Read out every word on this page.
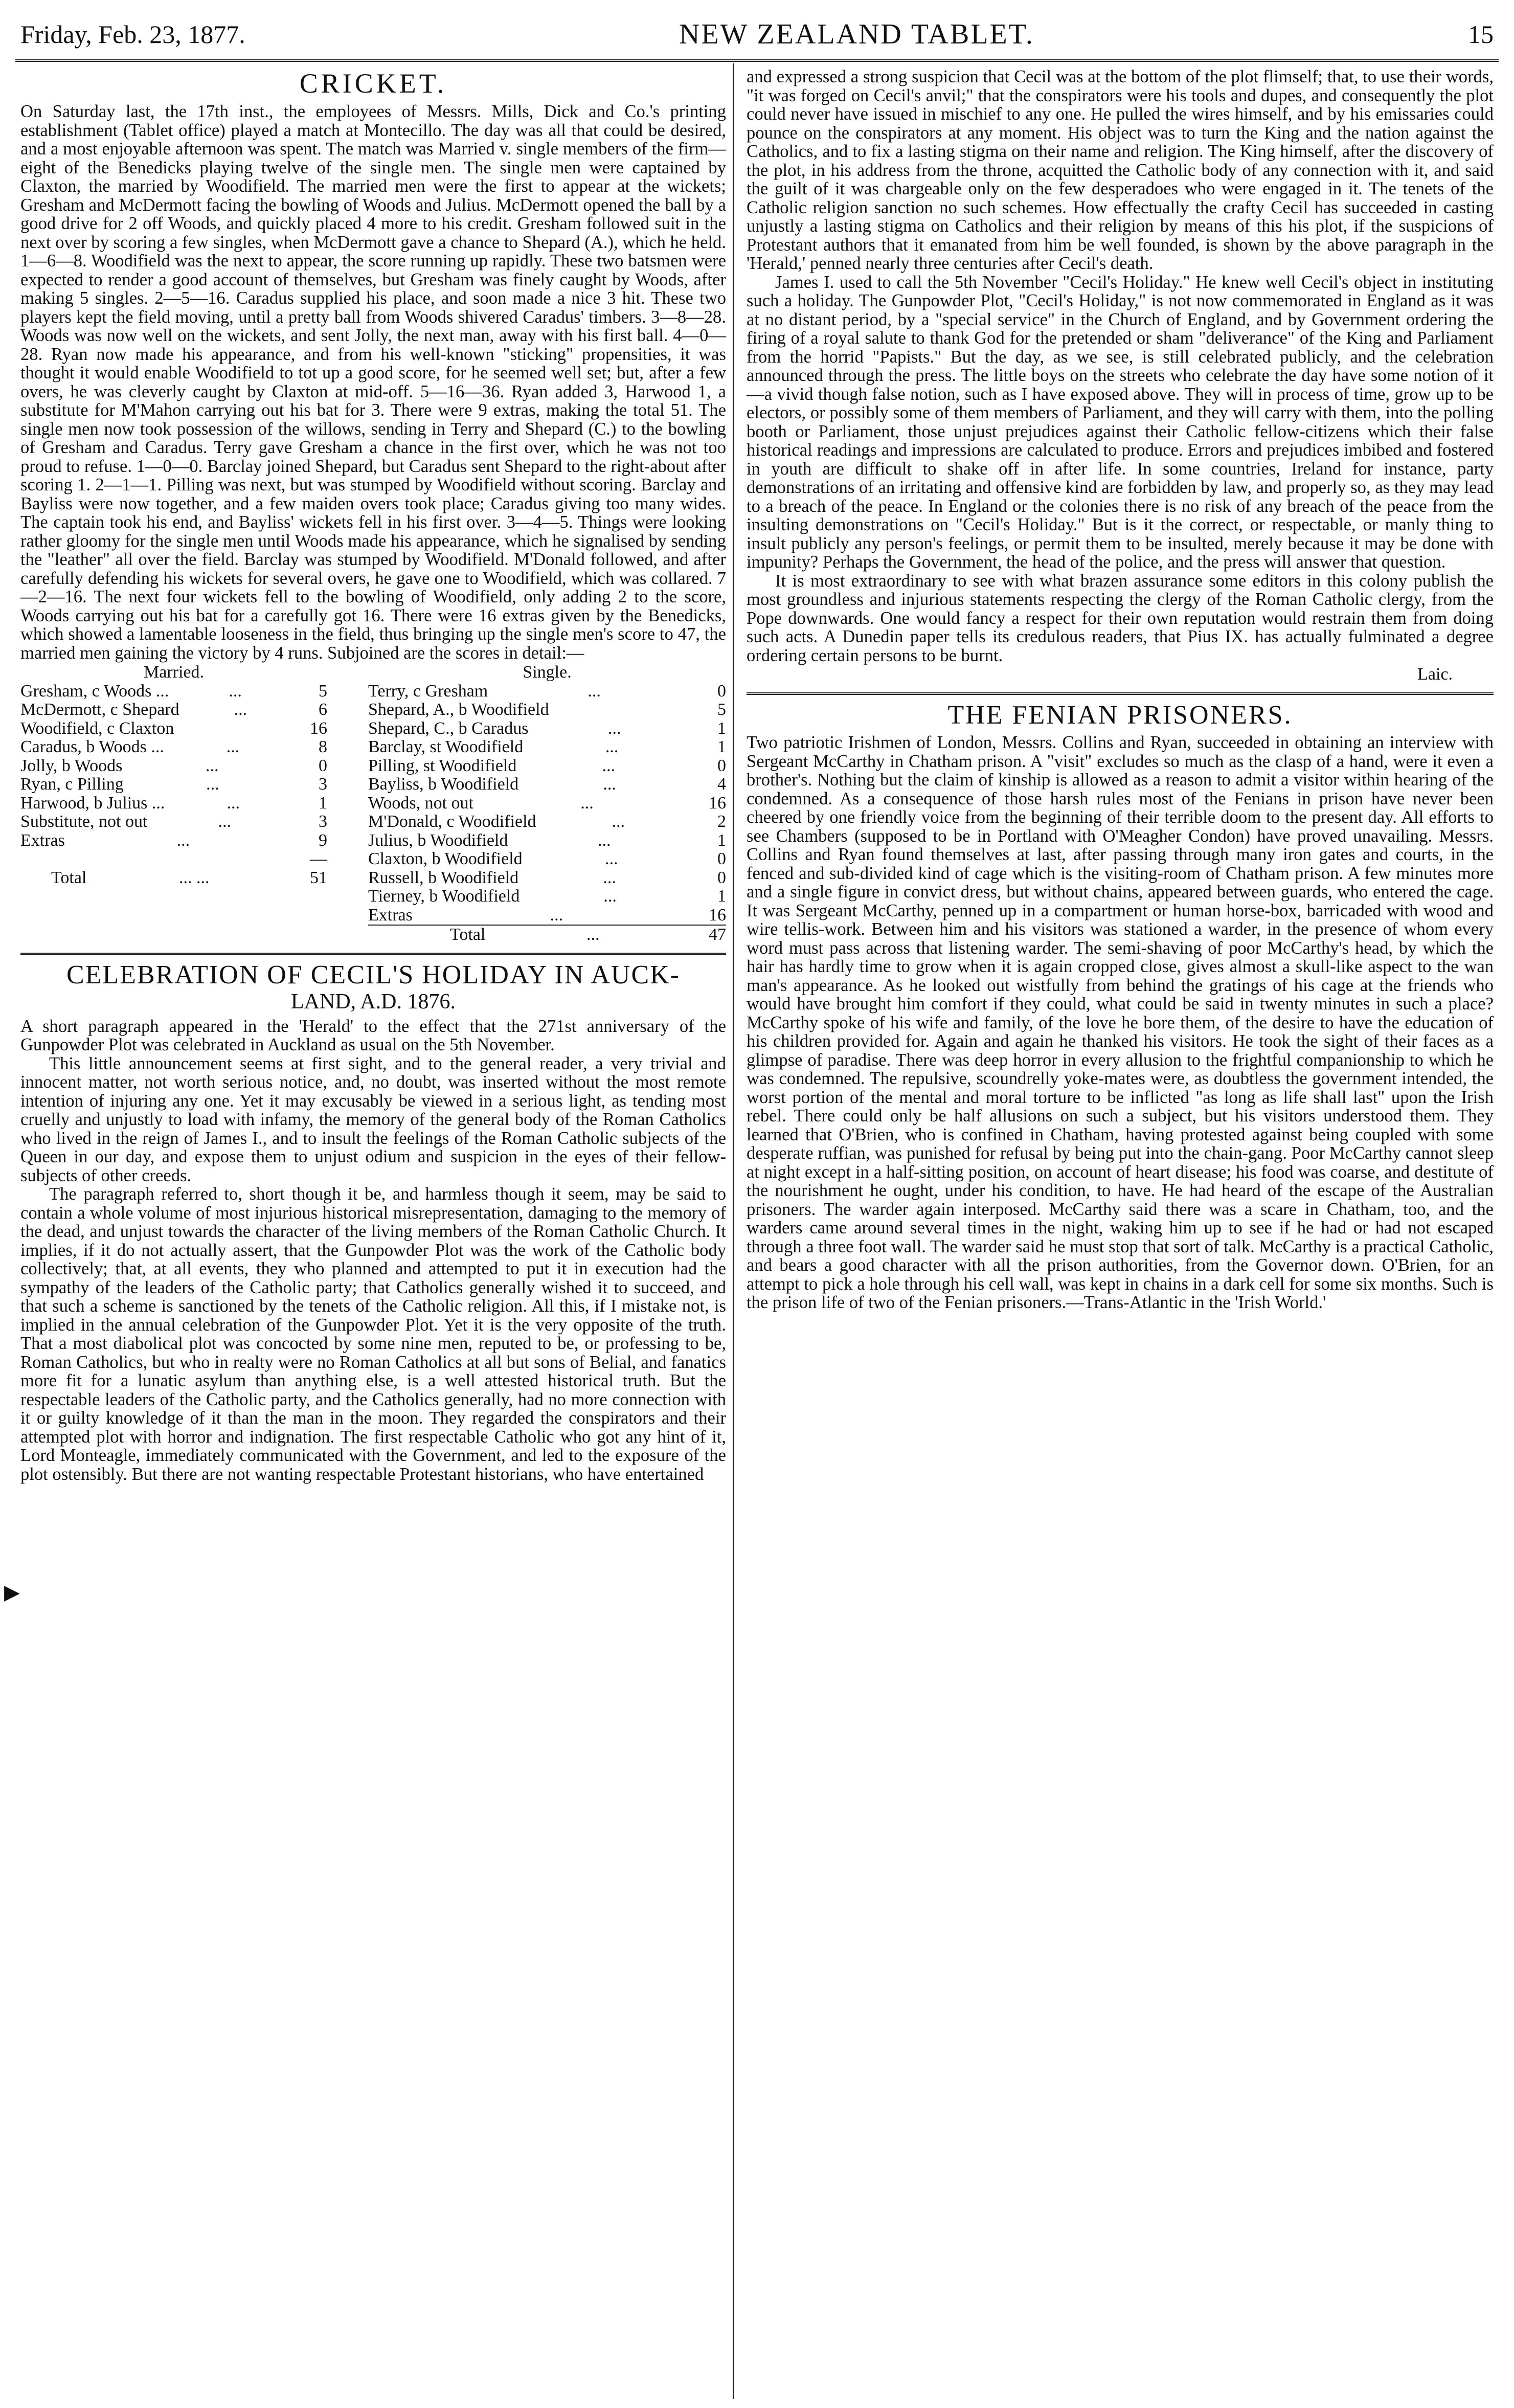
Friday, Feb. 23, 1877.	NEW ZEALAND TABLET.	15
CRICKET.

On Saturday last, the 17th inst., the employees of Messrs. Mills, Dick and Co.'s printing establishment (Tablet office) played a match at Montecillo. The day was all that could be desired, and a most enjoyable afternoon was spent. The match was Married v. single members of the firm—eight of the Benedicks playing twelve of the single men. The single men were captained by Claxton, the married by Woodifield. The married men were the first to appear at the wickets; Gresham and McDermott facing the bowling of Woods and Julius. McDermott opened the ball by a good drive for 2 off Woods, and quickly placed 4 more to his credit. Gresham followed suit in the next over by scoring a few singles, when McDermott gave a chance to Shepard (A.), which he held. 1—6—8. Woodifield was the next to appear, the score running up rapidly. These two batsmen were expected to render a good account of themselves, but Gresham was finely caught by Woods, after making 5 singles. 2—5—16. Caradus supplied his place, and soon made a nice 3 hit. These two players kept the field moving, until a pretty ball from Woods shivered Caradus' timbers. 3—8—28. Woods was now well on the wickets, and sent Jolly, the next man, away with his first ball. 4—0—28. Ryan now made his appearance, and from his well-known "sticking" propensities, it was thought it would enable Woodifield to tot up a good score, for he seemed well set; but, after a few overs, he was cleverly caught by Claxton at mid-off. 5—16—36. Ryan added 3, Harwood 1, a substitute for M'Mahon carrying out his bat for 3. There were 9 extras, making the total 51. The single men now took possession of the willows, sending in Terry and Shepard (C.) to the bowling of Gresham and Caradus. Terry gave Gresham a chance in the first over, which he was not too proud to refuse. 1—0—0. Barclay joined Shepard, but Caradus sent Shepard to the right-about after scoring 1. 2—1—1. Pilling was next, but was stumped by Woodifield without scoring. Barclay and Bayliss were now together, and a few maiden overs took place; Caradus giving too many wides. The captain took his end, and Bayliss' wickets fell in his first over. 3—4—5. Things were looking rather gloomy for the single men until Woods made his appearance, which he signalised by sending the "leather" all over the field. Barclay was stumped by Woodifield. M'Donald followed, and after carefully defending his wickets for several overs, he gave one to Woodifield, which was collared. 7—2—16. The next four wickets fell to the bowling of Woodifield, only adding 2 to the score, Woods carrying out his bat for a carefully got 16. There were 16 extras given by the Benedicks, which showed a lamentable looseness in the field, thus bringing up the single men's score to 47, the married men gaining the victory by 4 runs. Subjoined are the scores in detail:—

Married.
Gresham, c Woods ...	...	5
McDermott, c Shepard	...	6
Woodifield, c Claxton	16
Caradus, b Woods ...	...	8
Jolly, b Woods	...	0
Ryan, c Pilling	...	3
Harwood, b Julius ...	...	1
Substitute, not out	...	3
Extras	...	9

—
Total	... ...	51
Single.
Terry, c Gresham	...	0
Shepard, A., b Woodifield	5
Shepard, C., b Caradus	...	1
Barclay, st Woodifield	...	1
Pilling, st Woodifield	...	0
Bayliss, b Woodifield	...	4
Woods, not out	...	16
M'Donald, c Woodifield	...	2
Julius, b Woodifield	...	1
Claxton, b Woodifield	...	0
Russell, b Woodifield	...	0
Tierney, b Woodifield	...	1
Extras	...	16
Total	...	47
CELEBRATION OF CECIL'S HOLIDAY IN AUCK-
LAND, A.D. 1876.

A short paragraph appeared in the 'Herald' to the effect that the 271st anniversary of the Gunpowder Plot was celebrated in Auckland as usual on the 5th November.

This little announcement seems at first sight, and to the general reader, a very trivial and innocent matter, not worth serious notice, and, no doubt, was inserted without the most remote intention of injuring any one. Yet it may excusably be viewed in a serious light, as tending most cruelly and unjustly to load with infamy, the memory of the general body of the Roman Catholics who lived in the reign of James I., and to insult the feelings of the Roman Catholic subjects of the Queen in our day, and expose them to unjust odium and suspicion in the eyes of their fellow-subjects of other creeds.

The paragraph referred to, short though it be, and harmless though it seem, may be said to contain a whole volume of most injurious historical misrepresentation, damaging to the memory of the dead, and unjust towards the character of the living members of the Roman Catholic Church. It implies, if it do not actually assert, that the Gunpowder Plot was the work of the Catholic body collectively; that, at all events, they who planned and attempted to put it in execution had the sympathy of the leaders of the Catholic party; that Catholics generally wished it to succeed, and that such a scheme is sanctioned by the tenets of the Catholic religion. All this, if I mistake not, is implied in the annual celebration of the Gunpowder Plot. Yet it is the very opposite of the truth. That a most diabolical plot was concocted by some nine men, reputed to be, or professing to be, Roman Catholics, but who in realty were no Roman Catholics at all but sons of Belial, and fanatics more fit for a lunatic asylum than anything else, is a well attested historical truth. But the respectable leaders of the Catholic party, and the Catholics generally, had no more connection with it or guilty knowledge of it than the man in the moon. They regarded the conspirators and their attempted plot with horror and indignation. The first respectable Catholic who got any hint of it, Lord Monteagle, immediately communicated with the Government, and led to the exposure of the plot ostensibly. But there are not wanting respectable Protestant historians, who have entertained

and expressed a strong suspicion that Cecil was at the bottom of the plot flimself; that, to use their words, "it was forged on Cecil's anvil;" that the conspirators were his tools and dupes, and consequently the plot could never have issued in mischief to any one. He pulled the wires himself, and by his emissaries could pounce on the conspirators at any moment. His object was to turn the King and the nation against the Catholics, and to fix a lasting stigma on their name and religion. The King himself, after the discovery of the plot, in his address from the throne, acquitted the Catholic body of any connection with it, and said the guilt of it was chargeable only on the few desperadoes who were engaged in it. The tenets of the Catholic religion sanction no such schemes. How effectually the crafty Cecil has succeeded in casting unjustly a lasting stigma on Catholics and their religion by means of this his plot, if the suspicions of Protestant authors that it emanated from him be well founded, is shown by the above paragraph in the 'Herald,' penned nearly three centuries after Cecil's death.

James I. used to call the 5th November "Cecil's Holiday." He knew well Cecil's object in instituting such a holiday. The Gunpowder Plot, "Cecil's Holiday," is not now commemorated in England as it was at no distant period, by a "special service" in the Church of England, and by Government ordering the firing of a royal salute to thank God for the pretended or sham "deliverance" of the King and Parliament from the horrid "Papists." But the day, as we see, is still celebrated publicly, and the celebration announced through the press. The little boys on the streets who celebrate the day have some notion of it—a vivid though false notion, such as I have exposed above. They will in process of time, grow up to be electors, or possibly some of them members of Parliament, and they will carry with them, into the polling booth or Parliament, those unjust prejudices against their Catholic fellow-citizens which their false historical readings and impressions are calculated to produce. Errors and prejudices imbibed and fostered in youth are difficult to shake off in after life. In some countries, Ireland for instance, party demonstrations of an irritating and offensive kind are forbidden by law, and properly so, as they may lead to a breach of the peace. In England or the colonies there is no risk of any breach of the peace from the insulting demonstrations on "Cecil's Holiday." But is it the correct, or respectable, or manly thing to insult publicly any person's feelings, or permit them to be insulted, merely because it may be done with impunity? Perhaps the Government, the head of the police, and the press will answer that question.

It is most extraordinary to see with what brazen assurance some editors in this colony publish the most groundless and injurious statements respecting the clergy of the Roman Catholic clergy, from the Pope downwards. One would fancy a respect for their own reputation would restrain them from doing such acts. A Dunedin paper tells its credulous readers, that Pius IX. has actually fulminated a degree ordering certain persons to be burnt.

Laic.
THE FENIAN PRISONERS.

Two patriotic Irishmen of London, Messrs. Collins and Ryan, succeeded in obtaining an interview with Sergeant McCarthy in Chatham prison. A "visit" excludes so much as the clasp of a hand, were it even a brother's. Nothing but the claim of kinship is allowed as a reason to admit a visitor within hearing of the condemned. As a consequence of those harsh rules most of the Fenians in prison have never been cheered by one friendly voice from the beginning of their terrible doom to the present day. All efforts to see Chambers (supposed to be in Portland with O'Meagher Condon) have proved unavailing. Messrs. Collins and Ryan found themselves at last, after passing through many iron gates and courts, in the fenced and sub-divided kind of cage which is the visiting-room of Chatham prison. A few minutes more and a single figure in convict dress, but without chains, appeared between guards, who entered the cage. It was Sergeant McCarthy, penned up in a compartment or human horse-box, barricaded with wood and wire tellis-work. Between him and his visitors was stationed a warder, in the presence of whom every word must pass across that listening warder. The semi-shaving of poor McCarthy's head, by which the hair has hardly time to grow when it is again cropped close, gives almost a skull-like aspect to the wan man's appearance. As he looked out wistfully from behind the gratings of his cage at the friends who would have brought him comfort if they could, what could be said in twenty minutes in such a place? McCarthy spoke of his wife and family, of the love he bore them, of the desire to have the education of his children provided for. Again and again he thanked his visitors. He took the sight of their faces as a glimpse of paradise. There was deep horror in every allusion to the frightful companionship to which he was condemned. The repulsive, scoundrelly yoke-mates were, as doubtless the government intended, the worst portion of the mental and moral torture to be inflicted "as long as life shall last" upon the Irish rebel. There could only be half allusions on such a subject, but his visitors understood them. They learned that O'Brien, who is confined in Chatham, having protested against being coupled with some desperate ruffian, was punished for refusal by being put into the chain-gang. Poor McCarthy cannot sleep at night except in a half-sitting position, on account of heart disease; his food was coarse, and destitute of the nourishment he ought, under his condition, to have. He had heard of the escape of the Australian prisoners. The warder again interposed. McCarthy said there was a scare in Chatham, too, and the warders came around several times in the night, waking him up to see if he had or had not escaped through a three foot wall. The warder said he must stop that sort of talk. McCarthy is a practical Catholic, and bears a good character with all the prison authorities, from the Governor down. O'Brien, for an attempt to pick a hole through his cell wall, was kept in chains in a dark cell for some six months. Such is the prison life of two of the Fenian prisoners.—Trans-Atlantic in the 'Irish World.'

▶
